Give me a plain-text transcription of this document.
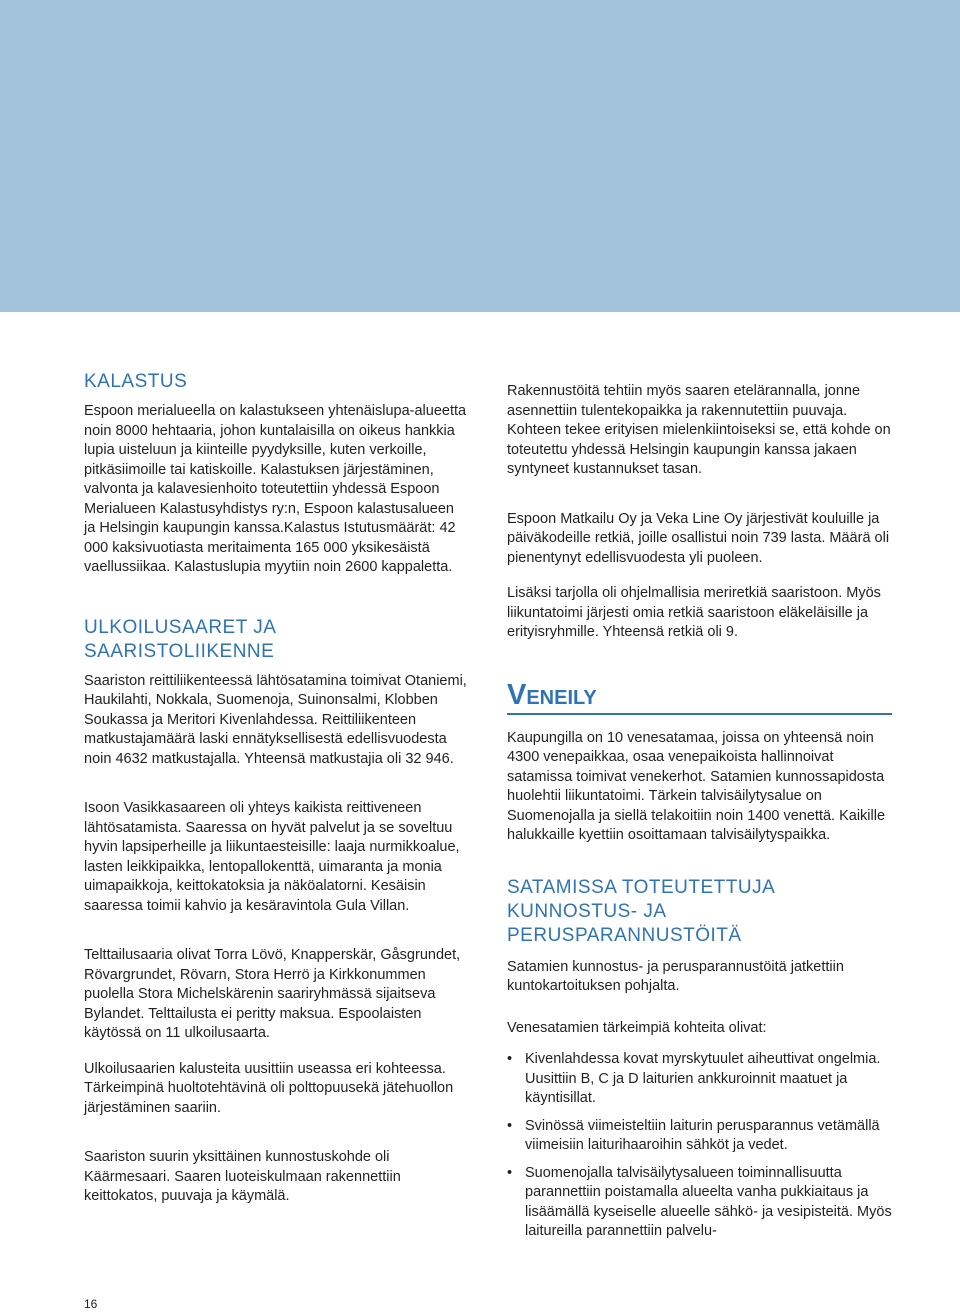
KALASTUS

Espoon merialueella on kalastukseen yhtenäislupa-alueetta noin 8000 hehtaaria, johon kuntalaisilla on oikeus hankkia lupia uisteluun ja kiinteille pyydyksille, kuten verkoille, pitkäsiimoille tai katiskoille. Kalastuksen järjestäminen, valvonta ja kalavesienhoito toteutettiin yhdessä Espoon Merialueen Kalastusyhdistys ry:n, Espoon kalastusalueen ja Helsingin kaupungin kanssa.Kalastus Istutusmäärät: 42 000 kaksivuotiasta meritaimenta 165 000 yksikesäistä vaellussiikaa. Kalastuslupia myytiin noin 2600 kappaletta.

ULKOILUSAARET JA SAARISTOLIIKENNE

Saariston reittiliikenteessä lähtösatamina toimivat Otaniemi, Haukilahti, Nokkala, Suomenoja, Suinonsalmi, Klobben Soukassa ja Meritori Kivenlahdessa. Reittiliikenteen matkustajamäärä laski ennätyksellisestä edellisvuodesta noin 4632 matkustajalla. Yhteensä matkustajia oli 32 946.

Isoon Vasikkasaareen oli yhteys kaikista reittiveneen lähtösatamista. Saaressa on hyvät palvelut ja se soveltuu hyvin lapsiperheille ja liikuntaesteisille: laaja nurmikkoalue, lasten leikkipaikka, lentopallokenttä, uimaranta ja monia uimapaikkoja, keittokatoksia ja näköalatorni. Kesäisin saaressa toimii kahvio ja kesäravintola Gula Villan.

Telttailusaaria olivat Torra Lövö, Knapperskär, Gåsgrundet, Rövargrundet, Rövarn, Stora Herrö ja Kirkkonummen puolella Stora Michelskärenin saariryhmässä sijaitseva Bylandet. Telttailusta ei peritty maksua. Espoolaisten käytössä on 11 ulkoilusaarta.

Ulkoilusaarien kalusteita uusittiin useassa eri kohteessa. Tärkeimpinä huoltotehtävinä oli polttopuusekä jätehuollon järjestäminen saariin.

Saariston suurin yksittäinen kunnostuskohde oli Käärmesaari. Saaren luoteiskulmaan rakennettiin keittokatos, puuvaja ja käymälä.

Rakennustöitä tehtiin myös saaren etelärannalla, jonne asennettiin tulentekopaikka ja rakennutettiin puuvaja. Kohteen tekee erityisen mielenkiintoiseksi se, että kohde on toteutettu yhdessä Helsingin kaupungin kanssa jakaen syntyneet kustannukset tasan.

Espoon Matkailu Oy ja Veka Line Oy järjestivät kouluille ja päiväkodeille retkiä, joille osallistui noin 739 lasta. Määrä oli pienentynyt edellisvuodesta yli puoleen.

Lisäksi tarjolla oli ohjelmallisia meriretkiä saaristoon. Myös liikuntatoimi järjesti omia retkiä saaristoon eläkeläisille ja erityisryhmille. Yhteensä retkiä oli 9.

Veneily

Kaupungilla on 10 venesatamaa, joissa on yhteensä noin 4300 venepaikkaa, osaa venepaikoista hallinnoivat satamissa toimivat venekerhot. Satamien kunnossapidosta huolehtii liikuntatoimi. Tärkein talvisäilytysalue on Suomenojalla ja siellä telakoitiin noin 1400 venettä. Kaikille halukkaille kyettiin osoittamaan talvisäilytyspaikka.

SATAMISSA TOTEUTETTUJA KUNNOSTUS- JA PERUSPARANNUSTÖITÄ

Satamien kunnostus- ja perusparannustöitä jatkettiin kuntokartoituksen pohjalta.

Venesatamien tärkeimpiä kohteita olivat:

• Kivenlahdessa kovat myrskytuulet aiheuttivat ongelmia. Uusittiin B, C ja D laiturien ankkuroinnit maatuet ja käyntisillat.
• Svinössä viimeisteltiin laiturin perusparannus vetämällä viimeisiin laiturihaaroihin sähköt ja vedet.
• Suomenojalla talvisäilytysalueen toiminnallisuutta parannettiin poistamalla alueelta vanha pukkiaitaus ja lisäämällä kyseiselle alueelle sähkö- ja vesipisteitä. Myös laitureilla parannettiin palvelu-
16
